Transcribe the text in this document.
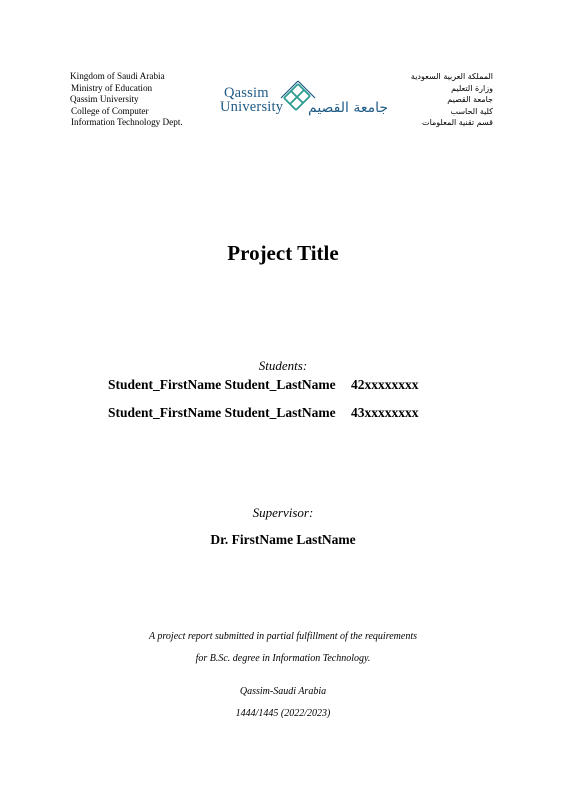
Kingdom of Saudi Arabia
Ministry of Education
Qassim University
College of Computer
Information Technology Dept.
Qassim
University جامعة القصيم
المملكة العربية السعودية
وزارة التعليم
جامعة القصيم
كلية الحاسب
قسم تقنية المعلومات
Project Title
Students:
Student_FirstName Student_LastName 42xxxxxxxx
Student_FirstName Student_LastName 43xxxxxxxx
Supervisor:
Dr. FirstName LastName
A project report submitted in partial fulfillment of the requirements
for B.Sc. degree in Information Technology.
Qassim-Saudi Arabia
1444/1445 (2022/2023)
